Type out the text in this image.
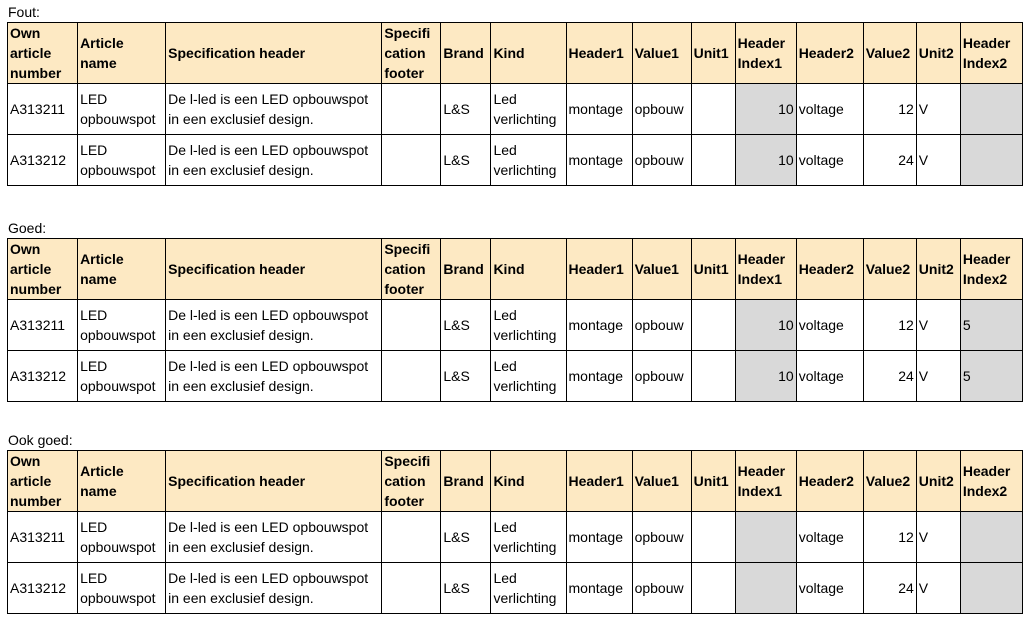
Fout:
Own article number	Article name	Specification header	Specifi cation footer	Brand	Kind	Header1	Value1	Unit1	Header Index1	Header2	Value2	Unit2	Header Index2
A313211	LED opbouwspot	De l-led is een LED opbouwspot in een exclusief design.		L&S	Led verlichting	montage	opbouw		10	voltage	12	V	
A313212	LED opbouwspot	De l-led is een LED opbouwspot in een exclusief design.		L&S	Led verlichting	montage	opbouw		10	voltage	24	V	
Goed:
Own article number	Article name	Specification header	Specifi cation footer	Brand	Kind	Header1	Value1	Unit1	Header Index1	Header2	Value2	Unit2	Header Index2
A313211	LED opbouwspot	De l-led is een LED opbouwspot in een exclusief design.		L&S	Led verlichting	montage	opbouw		10	voltage	12	V	5
A313212	LED opbouwspot	De l-led is een LED opbouwspot in een exclusief design.		L&S	Led verlichting	montage	opbouw		10	voltage	24	V	5
Ook goed:
Own article number	Article name	Specification header	Specifi cation footer	Brand	Kind	Header1	Value1	Unit1	Header Index1	Header2	Value2	Unit2	Header Index2
A313211	LED opbouwspot	De l-led is een LED opbouwspot in een exclusief design.		L&S	Led verlichting	montage	opbouw			voltage	12	V	
A313212	LED opbouwspot	De l-led is een LED opbouwspot in een exclusief design.		L&S	Led verlichting	montage	opbouw			voltage	24	V	
